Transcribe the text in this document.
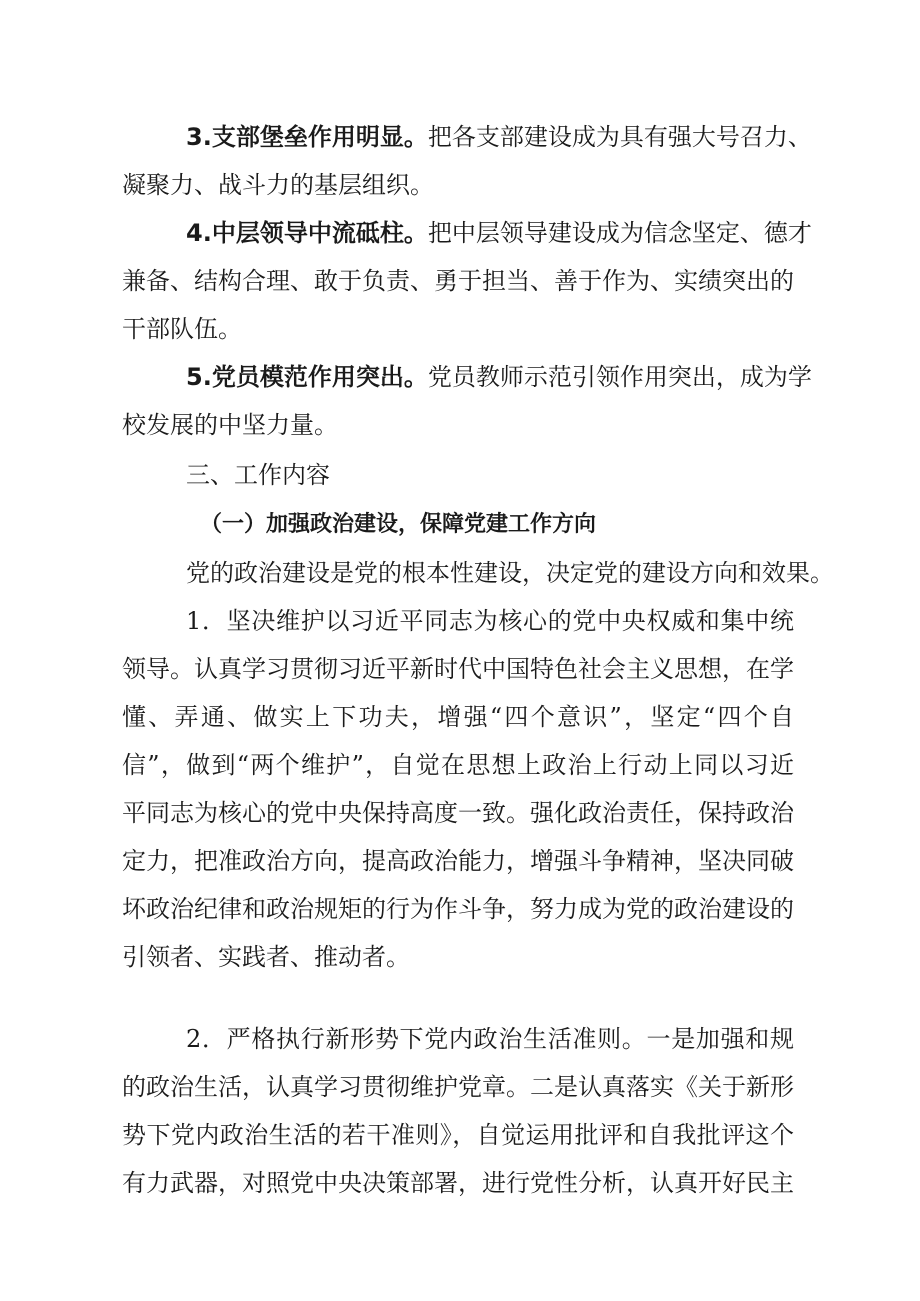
3.支部堡垒作用明显。把各支部建设成为具有强大号召力、
凝聚力、战斗力的基层组织。
4.中层领导中流砥柱。把中层领导建设成为信念坚定、德才
兼备、结构合理、敢于负责、勇于担当、善于作为、实绩突出的
干部队伍。
5.党员模范作用突出。党员教师示范引领作用突出，成为学
校发展的中坚力量。
三、工作内容
（一）加强政治建设，保障党建工作方向
党的政治建设是党的根本性建设，决定党的建设方向和效果。
1．坚决维护以习近平同志为核心的党中央权威和集中统
领导。认真学习贯彻习近平新时代中国特色社会主义思想，在学
懂、弄通、做实上下功夫，增强“四个意识”，坚定“四个自
信”，做到“两个维护”，自觉在思想上政治上行动上同以习近
平同志为核心的党中央保持高度一致。强化政治责任，保持政治
定力，把准政治方向，提高政治能力，增强斗争精神，坚决同破
坏政治纪律和政治规矩的行为作斗争，努力成为党的政治建设的
引领者、实践者、推动者。
2．严格执行新形势下党内政治生活准则。一是加强和规
的政治生活，认真学习贯彻维护党章。二是认真落实《关于新形
势下党内政治生活的若干准则》，自觉运用批评和自我批评这个
有力武器，对照党中央决策部署，进行党性分析，认真开好民主
